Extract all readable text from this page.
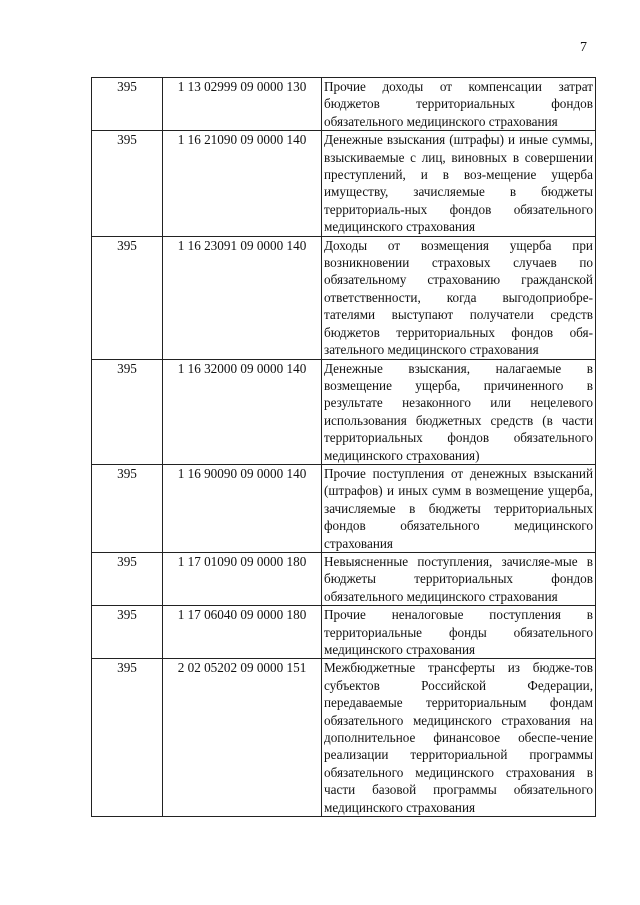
7
395	1 13 02999 09 0000 130	Прочие доходы от компенсации затрат бюджетов территориальных фондов обязательного медицинского страхования
395	1 16 21090 09 0000 140	Денежные взыскания (штрафы) и иные суммы, взыскиваемые с лиц, виновных в совершении преступлений, и в воз-мещение ущерба имуществу, зачисляемые в бюджеты территориаль-ных фондов обязательного медицинского страхования
395	1 16 23091 09 0000 140	Доходы от возмещения ущерба при возникновении страховых случаев по обязательному страхованию гражданской ответственности, когда выгодоприобре-тателями выступают получатели средств бюджетов территориальных фондов обя-зательного медицинского страхования
395	1 16 32000 09 0000 140	Денежные взыскания, налагаемые в возмещение ущерба, причиненного в результате незаконного или нецелевого использования бюджетных средств (в части территориальных фондов обязательного медицинского страхования)
395	1 16 90090 09 0000 140	Прочие поступления от денежных взысканий (штрафов) и иных сумм в возмещение ущерба, зачисляемые в бюджеты территориальных фондов обязательного медицинского страхования
395	1 17 01090 09 0000 180	Невыясненные поступления, зачисляе-мые в бюджеты территориальных фондов обязательного медицинского страхования
395	1 17 06040 09 0000 180	Прочие неналоговые поступления в территориальные фонды обязательного медицинского страхования
395	2 02 05202 09 0000 151	Межбюджетные трансферты из бюдже-тов субъектов Российской Федерации, передаваемые территориальным фондам обязательного медицинского страхования на дополнительное финансовое обеспе-чение реализации территориальной программы обязательного медицинского страхования в части базовой программы обязательного медицинского страхования
